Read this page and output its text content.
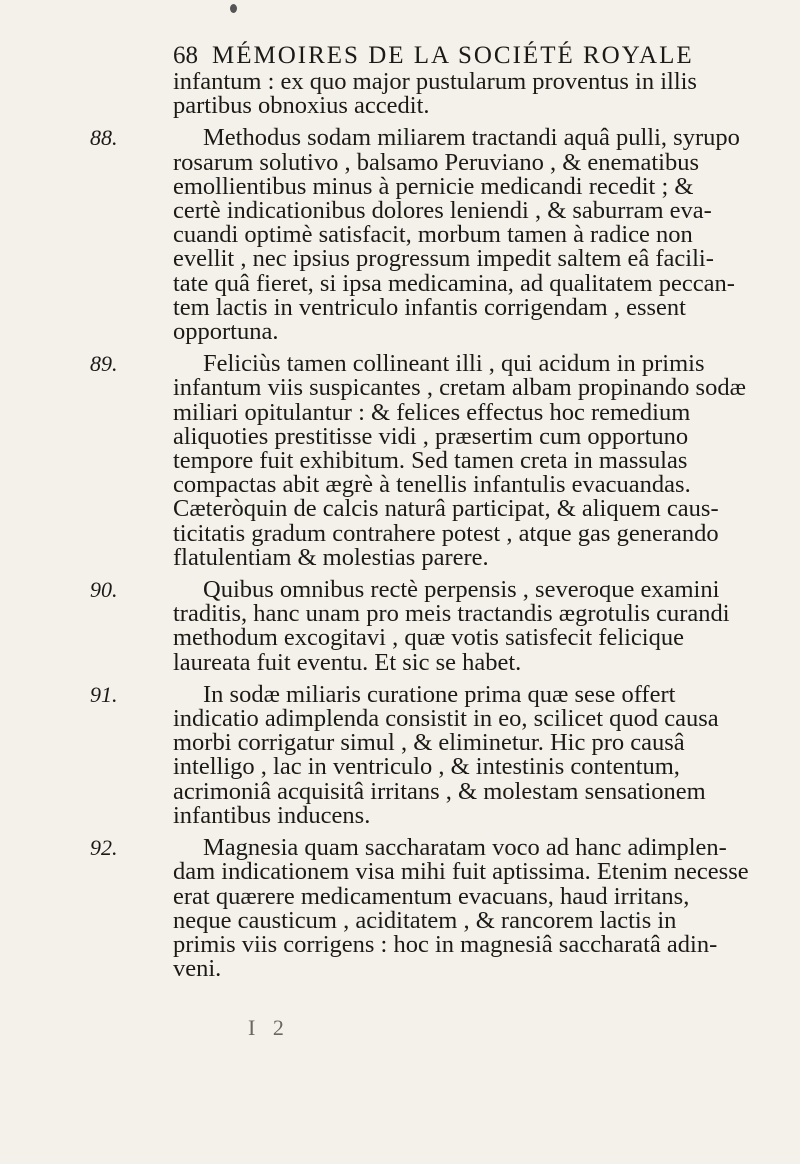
68 MÉMOIRES DE LA SOCIÉTÉ ROYALE
infantum : ex quo major pustularum proventus in illis
partibus obnoxius accedit.
88.	Methodus sodam miliarem tractandi aquâ pulli, syrupo
rosarum solutivo , balsamo Peruviano , & enematibus
emollientibus minus à pernicie medicandi recedit ; &
certè indicationibus dolores leniendi , & saburram eva-
cuandi optimè satisfacit, morbum tamen à radice non
evellit , nec ipsius progressum impedit saltem eâ facili-
tate quâ fieret, si ipsa medicamina, ad qualitatem peccan-
tem lactis in ventriculo infantis corrigendam , essent
opportuna.
89.	Feliciùs tamen collineant illi , qui acidum in primis
infantum viis suspicantes , cretam albam propinando sodæ
miliari opitulantur : & felices effectus hoc remedium
aliquoties prestitisse vidi , præsertim cum opportuno
tempore fuit exhibitum. Sed tamen creta in massulas
compactas abit ægrè à tenellis infantulis evacuandas.
Cæteròquin de calcis naturâ participat, & aliquem caus-
ticitatis gradum contrahere potest , atque gas generando
flatulentiam & molestias parere.
90.	Quibus omnibus rectè perpensis , severoque examini
traditis, hanc unam pro meis tractandis ægrotulis curandi
methodum excogitavi , quæ votis satisfecit felicique
laureata fuit eventu. Et sic se habet.
91.	In sodæ miliaris curatione prima quæ sese offert
indicatio adimplenda consistit in eo, scilicet quod causa
morbi corrigatur simul , & eliminetur. Hic pro causâ
intelligo , lac in ventriculo , & intestinis contentum,
acrimoniâ acquisitâ irritans , & molestam sensationem
infantibus inducens.
92.	Magnesia quam saccharatam voco ad hanc adimplen-
dam indicationem visa mihi fuit aptissima. Etenim necesse
erat quærere medicamentum evacuans, haud irritans,
neque causticum , aciditatem , & rancorem lactis in
primis viis corrigens : hoc in magnesiâ saccharatâ adin-
veni.
I 2
